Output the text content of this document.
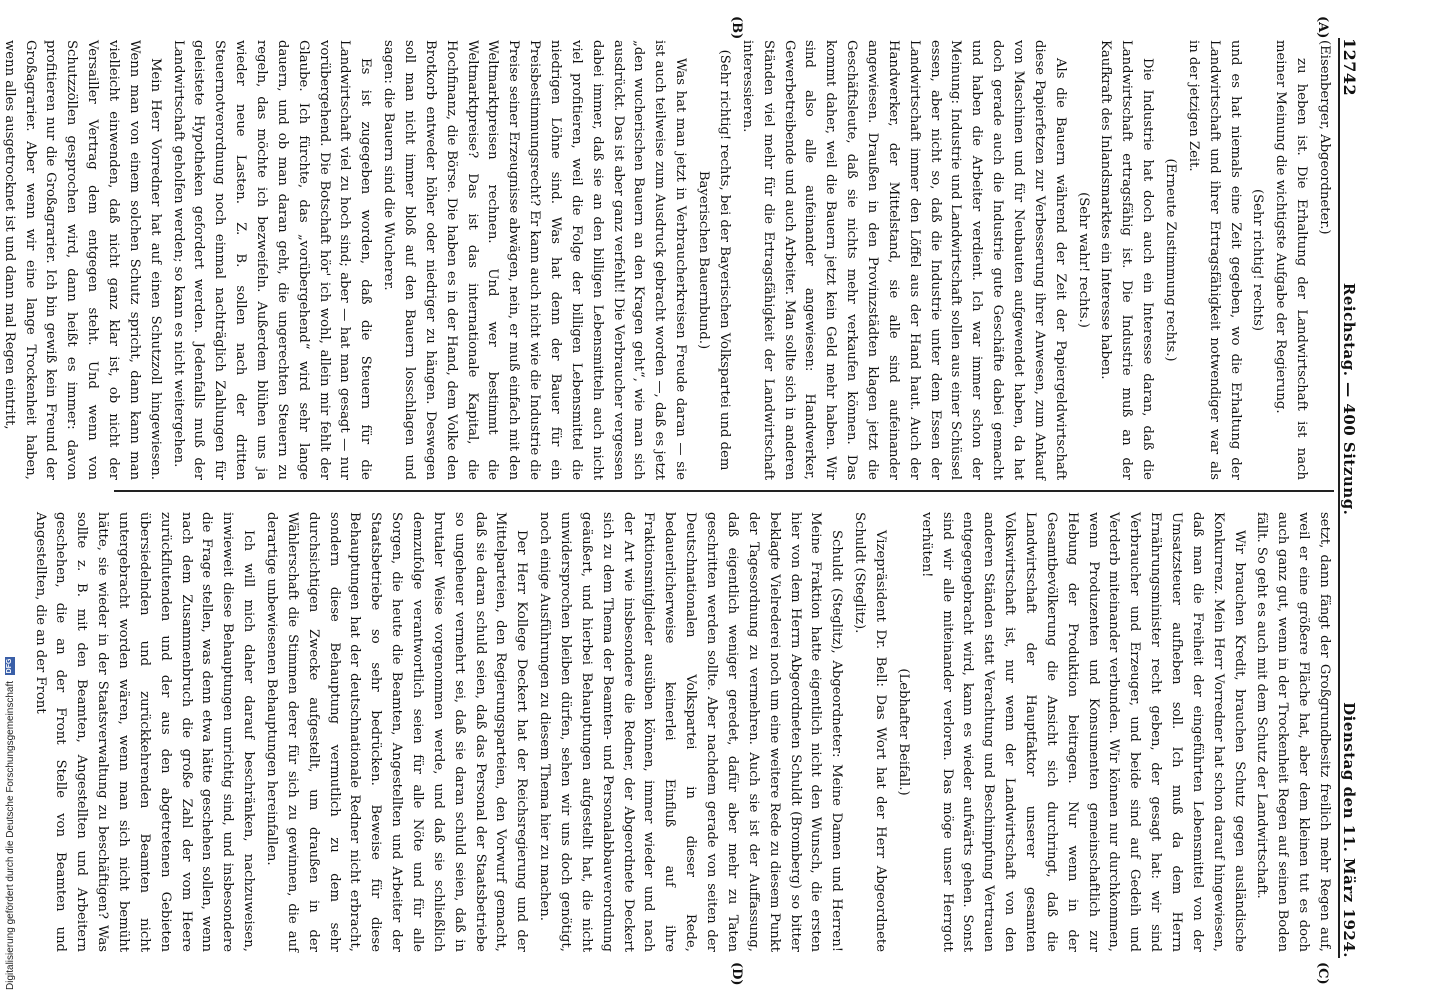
12742
Reichstag. — 400 Sitzung.
Dienstag den 11. März 1924.
(A)
(B)
(C)
(D)

(Eisenberger, Abgeordneter.)

zu heben ist. Die Erhaltung der Landwirtschaft ist nach meiner Meinung die wichtigste Aufgabe der Regierung.

(Sehr richtig! rechts)

und es hat niemals eine Zeit gegeben, wo die Erhaltung der Landwirtschaft und ihrer Ertragsfähigkeit notwendiger war als in der jetzigen Zeit.

(Erneute Zustimmung rechts.)

Die Industrie hat doch auch ein Interesse daran, daß die Landwirtschaft ertragsfähig ist. Die Industrie muß an der Kaufkraft des Inlandsmarktes ein Interesse haben.

(Sehr wahr! rechts.)

Als die Bauern während der Zeit der Papiergeldwirtschaft diese Papierfetzen zur Verbesserung ihrer Anwesen, zum Ankauf von Maschinen und für Neubauten aufgewendet haben, da hat doch gerade auch die Industrie gute Geschäfte dabei gemacht und haben die Arbeiter verdient. Ich war immer schon der Meinung: Industrie und Landwirtschaft sollen aus einer Schüssel essen, aber nicht so, daß die Industrie unter dem Essen der Landwirtschaft immer den Löffel aus der Hand haut. Auch der Handwerker, der Mittelstand, sie alle sind aufeinander angewiesen. Draußen in den Provinzstädten klagen jetzt die Geschäftsleute, daß sie nichts mehr verkaufen können. Das kommt daher, weil die Bauern jetzt kein Geld mehr haben. Wir sind also alle aufeinander angewiesen: Handwerker, Gewerbetreibende und auch Arbeiter. Man sollte sich in anderen Ständen viel mehr für die Ertragsfähigkeit der Landwirtschaft interessieren.

(Sehr richtig! rechts, bei der Bayerischen Volkspartei und dem Bayerischen Bauernbund.)

Was hat man jetzt in Verbraucherkreisen Freude daran — sie ist auch teilweise zum Ausdruck gebracht worden —, daß es jetzt „den wucherischen Bauern an den Kragen geht“, wie man sich ausdrückt. Das ist aber ganz verfehlt! Die Verbraucher vergessen dabei immer, daß sie an den billigen Lebensmitteln auch nicht viel profitieren, weil die Folge der billigen Lebensmittel die niedrigen Löhne sind. Was hat denn der Bauer für ein Preisbestimmungsrecht? Er kann auch nicht wie die Industrie die Preise seiner Erzeugnisse abwägen, nein, er muß einfach mit den Weltmarktpreisen rechnen. Und wer bestimmt die Weltmarktpreise? Das ist das internationale Kapital, die Hochfinanz, die Börse. Die haben es in der Hand, dem Volke den Brotkorb entweder höher oder niedriger zu hängen. Deswegen soll man nicht immer bloß auf den Bauern losschlagen und sagen: die Bauern sind die Wucherer.

Es ist zugegeben worden, daß die Steuern für die Landwirtschaft viel zu hoch sind; aber — hat man gesagt — nur vorübergehend. Die Botschaft hör' ich wohl, allein mir fehlt der Glaube. Ich fürchte, das „vorübergehend“ wird sehr lange dauern, und ob man daran geht, die ungerechten Steuern zu regeln, das möchte ich bezweifeln. Außerdem blühen uns ja wieder neue Lasten. Z. B. sollen nach der dritten Steuernotverordnung noch einmal nachträglich Zahlungen für geleistete Hypotheken gefordert werden. Jedenfalls muß der Landwirtschaft geholfen werden; so kann es nicht weitergehen.

Mein Herr Vorredner hat auf einen Schutzzoll hingewiesen. Wenn man von einem solchen Schutz spricht, dann kann man vielleicht einwenden, daß nicht ganz klar ist, ob nicht der Versailler Vertrag dem entgegen steht. Und wenn von Schutzzöllen gesprochen wird, dann heißt es immer: davon profitieren nur die Großagrarier. Ich bin gewiß kein Freund der Großagrarier. Aber wenn wir eine lange Trockenheit haben, wenn alles ausgetrocknet ist und dann mal Regen eintritt,

setzt, dann fängt der Großgrundbesitz freilich mehr Regen auf, weil er eine größere Fläche hat, aber dem kleinen tut es doch auch ganz gut, wenn in der Trockenheit Regen auf seinen Boden fällt. So geht es auch mit dem Schutz der Landwirtschaft.

Wir brauchen Kredit, brauchen Schutz gegen ausländische Konkurrenz. Mein Herr Vorredner hat schon darauf hingewiesen, daß man die Freiheit der eingeführten Lebensmittel von der Umsatzsteuer aufheben soll. Ich muß da dem Herrn Ernährungsminister recht geben, der gesagt hat: wir sind Verbraucher und Erzeuger, und beide sind auf Gedeih und Verderb miteinander verbunden. Wir können nur durchkommen, wenn Produzenten und Konsumenten gemeinschaftlich zur Hebung der Produktion beitragen. Nur wenn in der Gesamtbevölkerung die Ansicht sich durchringt, daß die Landwirtschaft der Hauptfaktor unserer gesamten Volkswirtschaft ist, nur wenn der Landwirtschaft von den anderen Ständen statt Verachtung und Beschimpfung Vertrauen entgegengebracht wird, kann es wieder aufwärts gehen. Sonst sind wir alle miteinander verloren. Das möge unser Herrgott verhüten!

(Lebhafter Beifall.)

Vizepräsident Dr. Bell: Das Wort hat der Herr Abgeordnete Schuldt (Steglitz).

Schuldt (Steglitz), Abgeordneter: Meine Damen und Herren! Meine Fraktion hatte eigentlich nicht den Wunsch, die ersten hier von dem Herrn Abgeordneten Schuldt (Bromberg) so bitter beklagte Vielrederei noch um eine weitere Rede zu diesem Punkt der Tagesordnung zu vermehren. Auch sie ist der Auffassung, daß eigentlich weniger geredet, dafür aber mehr zu Taten geschritten werden sollte. Aber nachdem gerade von seiten der Deutschnationalen Volkspartei in dieser Rede, bedauerlicherweise keinerlei Einfluß auf ihre Fraktionsmitglieder ausüben können, immer wieder und nach der Art wie insbesondere die Redner, der Abgeordnete Deckert sich zu dem Thema der Beamten- und Personalabbauverordnung geäußert, und hierbei Behauptungen aufgestellt hat, die nicht unwidersprochen bleiben dürfen, sehen wir uns doch genötigt, noch einige Ausführungen zu diesem Thema hier zu machen.

Der Herr Kollege Deckert hat der Reichsregierung und der Mittelparteien, den Regierungsparteien, den Vorwurf gemacht, daß sie daran schuld seien, daß das Personal der Staatsbetriebe so ungeheuer vermehrt sei, daß sie daran schuld seien, daß in brutaler Weise vorgenommen werde, und daß sie schließlich demzufolge verantwortlich seien für alle Nöte und für alle Sorgen, die heute die Beamten, Angestellten und Arbeiter der Staatsbetriebe so sehr bedrücken. Beweise für diese Behauptungen hat der deutschnationale Redner nicht erbracht, sondern diese Behauptung vermutlich zu dem sehr durchsichtigen Zwecke aufgestellt, um draußen in der Wählerschaft die Stimmen derer für sich zu gewinnen, die auf derartige unbewiesenen Behauptungen hereinfallen.

Ich will mich daher darauf beschränken, nachzuweisen, inwieweit diese Behauptungen unrichtig sind, und insbesondere die Frage stellen, was denn etwa hätte geschehen sollen, wenn nach dem Zusammenbruch die große Zahl der vom Heere zurückflutenden und der aus den abgetretenen Gebieten übersiedelnden und zurückkehrenden Beamten nicht untergebracht worden wären, wenn man sich nicht bemüht hätte, sie wieder in der Staatsverwaltung zu beschäftigen? Was sollte z. B. mit den Beamten, Angestellten und Arbeitern geschehen, die an der Front Stelle von Beamten und Angestellten, die an der Front

Digitalisierung gefördert durch die Deutsche Forschungsgemeinschaft
DFG
